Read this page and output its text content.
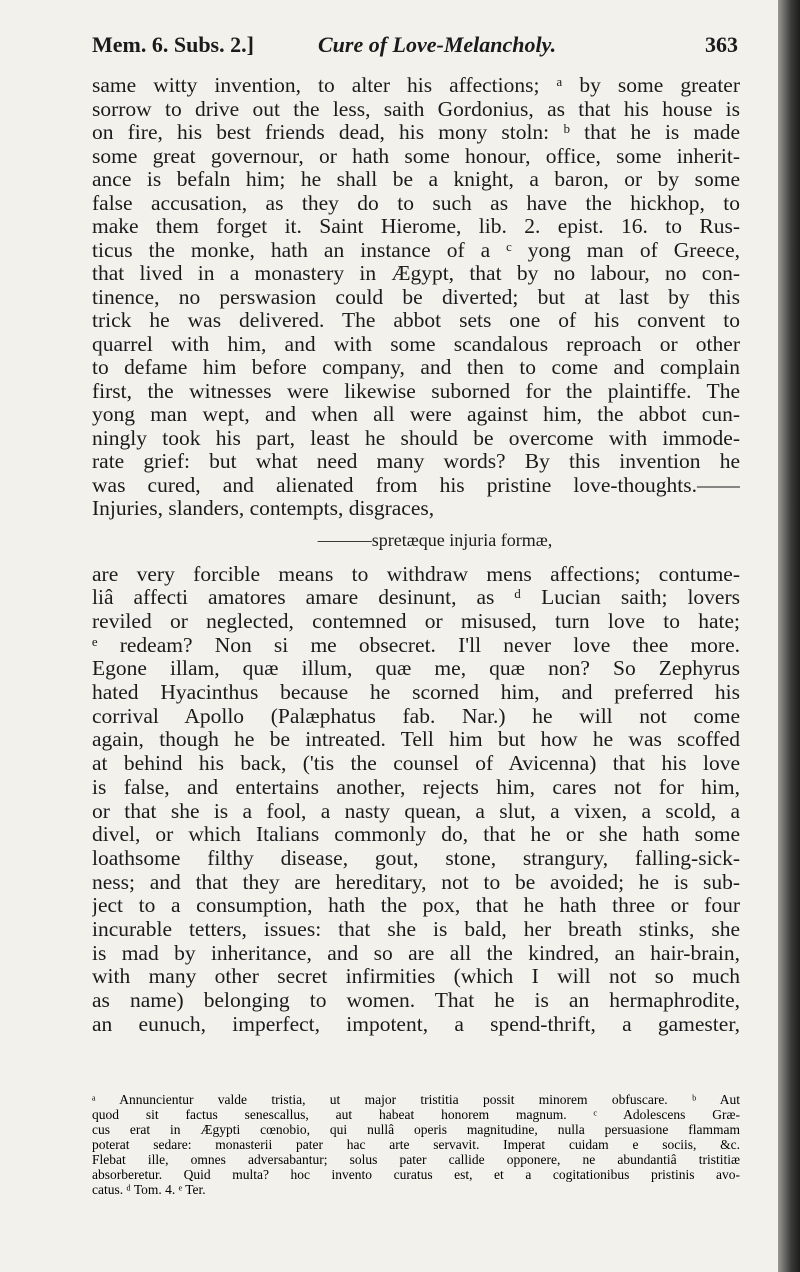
Mem. 6. Subs. 2.]	Cure of Love-Melancholy.	363
same witty invention, to alter his affections; ᵃ by some greater
sorrow to drive out the less, saith Gordonius, as that his house is
on fire, his best friends dead, his mony stoln: ᵇ that he is made
some great governour, or hath some honour, office, some inherit-
ance is befaln him; he shall be a knight, a baron, or by some
false accusation, as they do to such as have the hickhop, to
make them forget it. Saint Hierome, lib. 2. epist. 16. to Rus-
ticus the monke, hath an instance of a ᶜ yong man of Greece,
that lived in a monastery in Ægypt, that by no labour, no con-
tinence, no perswasion could be diverted; but at last by this
trick he was delivered. The abbot sets one of his convent to
quarrel with him, and with some scandalous reproach or other
to defame him before company, and then to come and complain
first, the witnesses were likewise suborned for the plaintiffe. The
yong man wept, and when all were against him, the abbot cun-
ningly took his part, least he should be overcome with immode-
rate grief: but what need many words? By this invention he
was cured, and alienated from his pristine love-thoughts.——
Injuries, slanders, contempts, disgraces,
———spretæque injuria formæ,
are very forcible means to withdraw mens affections; contume-
liâ affecti amatores amare desinunt, as ᵈ Lucian saith; lovers
reviled or neglected, contemned or misused, turn love to hate;
ᵉ redeam? Non si me obsecret. I'll never love thee more.
Egone illam, quæ illum, quæ me, quæ non? So Zephyrus
hated Hyacinthus because he scorned him, and preferred his
corrival Apollo (Palæphatus fab. Nar.) he will not come
again, though he be intreated. Tell him but how he was scoffed
at behind his back, ('tis the counsel of Avicenna) that his love
is false, and entertains another, rejects him, cares not for him,
or that she is a fool, a nasty quean, a slut, a vixen, a scold, a
divel, or which Italians commonly do, that he or she hath some
loathsome filthy disease, gout, stone, strangury, falling-sick-
ness; and that they are hereditary, not to be avoided; he is sub-
ject to a consumption, hath the pox, that he hath three or four
incurable tetters, issues: that she is bald, her breath stinks, she
is mad by inheritance, and so are all the kindred, an hair-brain,
with many other secret infirmities (which I will not so much
as name) belonging to women. That he is an hermaphrodite,
an eunuch, imperfect, impotent, a spend-thrift, a gamester,
ᵃ Annuncientur valde tristia, ut major tristitia possit minorem obfuscare. ᵇ Aut
quod sit factus senescallus, aut habeat honorem magnum. ᶜ Adolescens Græ-
cus erat in Ægypti cœnobio, qui nullâ operis magnitudine, nulla persuasione flammam
poterat sedare: monasterii pater hac arte servavit. Imperat cuidam e sociis, &c.
Flebat ille, omnes adversabantur; solus pater callide opponere, ne abundantiâ tristitiæ
absorberetur. Quid multa? hoc invento curatus est, et a cogitationibus pristinis avo-
catus. ᵈ Tom. 4. ᵉ Ter.
